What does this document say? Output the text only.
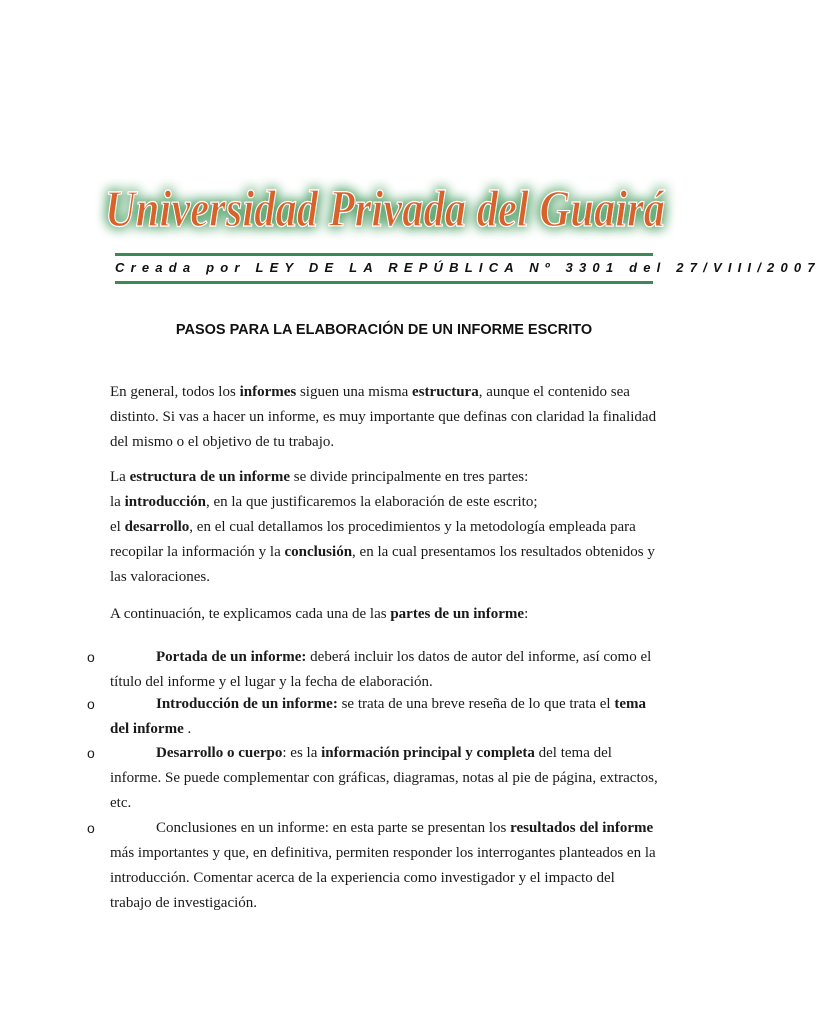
Universidad Privada del Guairá
Creada por LEY DE LA REPÚBLICA Nº 3301 del 27/VIII/2007
PASOS PARA LA ELABORACIÓN DE UN INFORME ESCRITO

En general, todos los informes siguen una misma estructura, aunque el contenido sea distinto. Si vas a hacer un informe, es muy importante que definas con claridad la finalidad del mismo o el objetivo de tu trabajo.

La estructura de un informe se divide principalmente en tres partes:
la introducción, en la que justificaremos la elaboración de este escrito;
el desarrollo, en el cual detallamos los procedimientos y la metodología empleada para recopilar la información y la conclusión, en la cual presentamos los resultados obtenidos y las valoraciones.

A continuación, te explicamos cada una de las partes de un informe:

o	Portada de un informe: deberá incluir los datos de autor del informe, así como el título del informe y el lugar y la fecha de elaboración.

o	Introducción de un informe: se trata de una breve reseña de lo que trata el tema del informe .

o	Desarrollo o cuerpo: es la información principal y completa del tema del informe. Se puede complementar con gráficas, diagramas, notas al pie de página, extractos, etc.

o	Conclusiones en un informe: en esta parte se presentan los resultados del informe más importantes y que, en definitiva, permiten responder los interrogantes planteados en la introducción. Comentar acerca de la experiencia como investigador y el impacto del trabajo de investigación.
